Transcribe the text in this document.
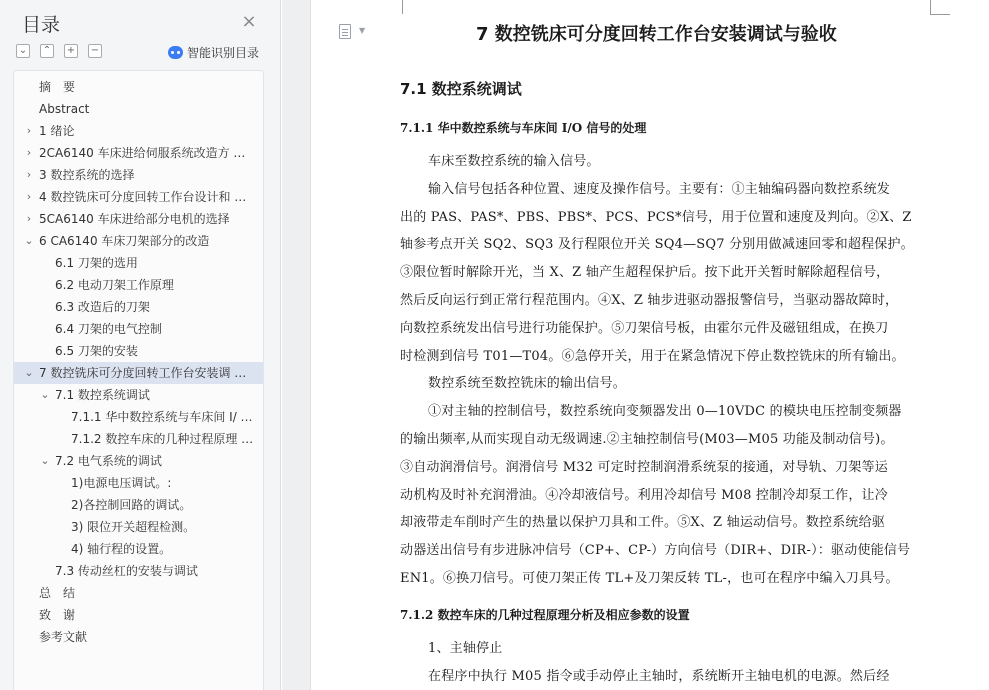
目录	×
⌄ ⌃ + −	智能识别目录
摘　要
Abstract
› 1 绪论
› 2CA6140 车床进给伺服系统改造方 …
› 3 数控系统的选择
› 4 数控铣床可分度回转工作台设计和 …
› 5CA6140 车床进给部分电机的选择
⌄ 6 CA6140 车床刀架部分的改造
6.1 刀架的选用
6.2 电动刀架工作原理
6.3 改造后的刀架
6.4 刀架的电气控制
6.5 刀架的安装
⌄ 7 数控铣床可分度回转工作台安装调 …
⌄ 7.1 数控系统调试
7.1.1 华中数控系统与车床间 I/ …
7.1.2 数控车床的几种过程原理 …
⌄ 7.2 电气系统的调试
1)电源电压调试。:
2)各控制回路的调试。
3) 限位开关超程检测。
4) 轴行程的设置。
7.3 传动丝杠的安装与调试
总　结
致　谢
参考文献
▼	7 数控铣床可分度回转工作台安装调试与验收
7.1 数控系统调试
7.1.1 华中数控系统与车床间 I/O 信号的处理
7.1.2 数控车床的几种过程原理分析及相应参数的设置
车床至数控系统的输入信号。
输入信号包括各种位置、速度及操作信号。主要有：①主轴编码器向数控系统发
出的 PAS、PAS*、PBS、PBS*、PCS、PCS*信号，用于位置和速度及判向。②X、Z
轴参考点开关 SQ2、SQ3 及行程限位开关 SQ4—SQ7 分别用做减速回零和超程保护。
③限位暂时解除开光，当 X、Z 轴产生超程保护后。按下此开关暂时解除超程信号，
然后反向运行到正常行程范围内。④X、Z 轴步进驱动器报警信号，当驱动器故障时，
向数控系统发出信号进行功能保护。⑤刀架信号板，由霍尔元件及磁钮组成，在换刀
时检测到信号 T01—T04。⑥急停开关，用于在紧急情况下停止数控铣床的所有输出。
数控系统至数控铣床的输出信号。
①对主轴的控制信号，数控系统向变频器发出 0—10VDC 的模块电压控制变频器
的输出频率,从而实现自动无级调速.②主轴控制信号(M03—M05 功能及制动信号)。
③自动润滑信号。润滑信号 M32 可定时控制润滑系统泵的接通，对导轨、刀架等运
动机构及时补充润滑油。④冷却液信号。利用冷却信号 M08 控制冷却泵工作，让冷
却液带走车削时产生的热量以保护刀具和工件。⑤X、Z 轴运动信号。数控系统给驱
动器送出信号有步进脉冲信号（CP+、CP-）方向信号（DIR+、DIR-）：驱动使能信号
EN1。⑥换刀信号。可使刀架正传 TL+及刀架反转 TL-，也可在程序中编入刀具号。
1、主轴停止
在程序中执行 M05 指令或手动停止主轴时，系统断开主轴电机的电源。然后经
